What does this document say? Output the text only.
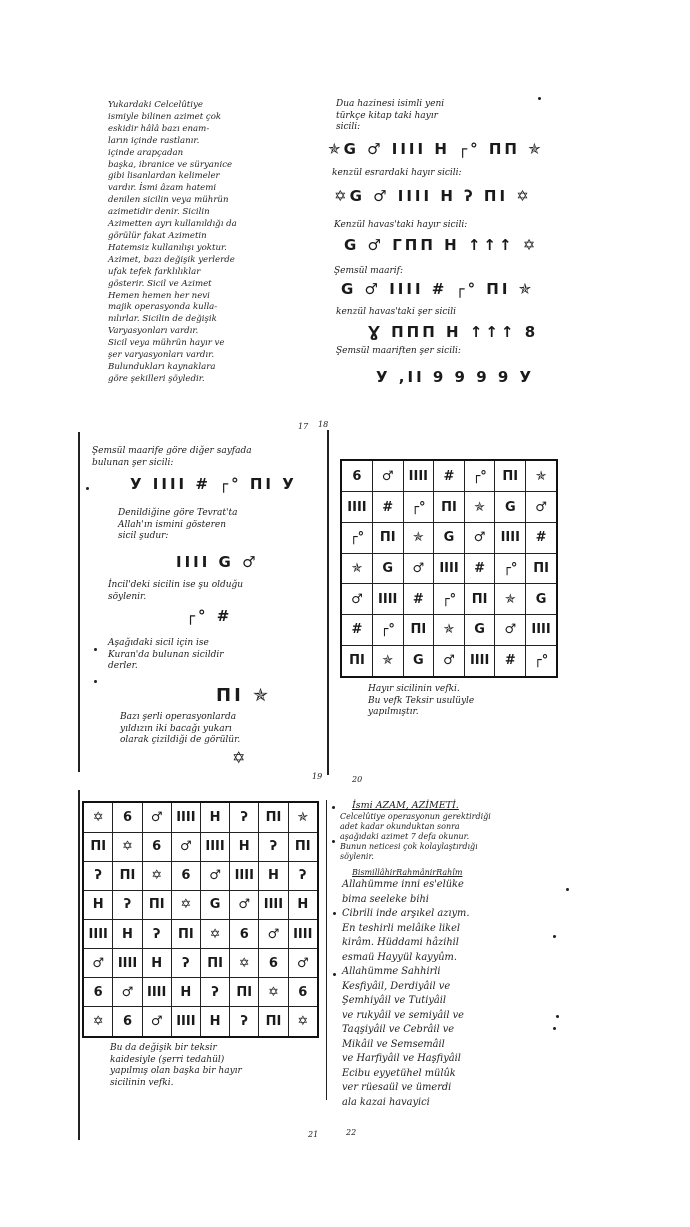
Yukardaki Celcelûtiye
ismiyle bilinen azimet çok
eskidir hâlâ bazı enam-
ların içinde rastlanır.
içinde arapçadan
başka, ibranice ve süryanice
gibi lisanlardan kelimeler
vardır. İsmi âzam hatemi
denilen sicilin veya mührün
azimetidir denir. Sicilin
Azimetten ayrı kullanıldığı da
görülür fakat Azimetin
Hatemsiz kullanılışı yoktur.
Azimet, bazı değişik yerlerde
ufak tefek farklılıklar
gösterir. Sicil ve Azimet
Hemen hemen her nevi
majik operasyonda kulla-
nılırlar. Sicilin de değişik
Varyasyonları vardır.
Sicil veya mührün hayır ve
şer varyasyonları vardır.
Bulundukları kaynaklara
göre şekilleri şöyledir.
Dua hazinesi isimli yeni
türkçe kitap taki hayır
sicili:
✯G ♂ IIII H ┌° ΠΠ ✯
kenzül esrardaki hayır sicili:
✡G ♂ IIII H ʔ ΠΙ ✡
Kenzül havas'taki hayır sicili:
G ♂ ΓΠΠ H ↑↑↑ ✡
Şemsül maarif:
G ♂ IIII # ┌° ΠΙ ✯
kenzül havas'taki şer sicili
Ɣ ΠΠΠ H ↑↑↑ 8
Şemsül maariften şer sicili:
У ,II 9 9 9 9 У
17 18
Şemsül maarife göre diğer sayfada
bulunan şer sicili:
У IIII # ┌° ΠΙ У
Denildiğine göre Tevrat'ta
Allah'ın ismini gösteren
sicil şudur:
IIII G ♂
İncil'deki sicilin ise şu olduğu
söylenir.
┌° #
Aşağıdaki sicil için ise
Kuran'da bulunan sicildir
derler.
ΠΙ ✯
Bazı şerli operasyonlarda
yıldızın iki bacağı yukarı
olarak çizildiği de görülür.
✡
19	20
6	♂	IIII	#	┌°	ΠΙ	✯
IIII	#	┌°	ΠΙ	✯	G	♂
┌°	ΠΙ	✯	G	♂	IIII	#
✯	G	♂	IIII	#	┌°	ΠΙ
♂	IIII	#	┌°	ΠΙ	✯	G
#	┌°	ΠΙ	✯	G	♂	IIII
ΠΙ	✯	G	♂	IIII	#	┌°
Hayır sicilinin vefki.
Bu vefk Teksir usulüyle
yapılmıştır.
✡	6	♂	IIII	H	ʔ	ΠΙ	✯
ΠΙ	✡	6	♂	IIII	H	ʔ	ΠΙ
ʔ	ΠΙ	✡	6	♂	IIII	H	ʔ
H	ʔ	ΠΙ	✡	G	♂	IIII	H
IIII	H	ʔ	ΠΙ	✡	6	♂	IIII
♂	IIII	H	ʔ	ΠΙ	✡	6	♂
6	♂	IIII	H	ʔ	ΠΙ	✡	6
✡	6	♂	IIII	H	ʔ	ΠΙ	✡
Bu da değişik bir teksir
kaidesiyle (şerri tedahül)
yapılmış olan başka bir hayır
sicilinin vefki.
21
İsmi AZAM, AZİMETİ.
Celcelûtiye operasyonun gerektirdiği
adet kadar okunduktan sonra
aşağıdaki azimet 7 defa okunur.
Bunun neticesi çok kolaylaştırdığı
söylenir.
BismillâhirRahmânirRahîm
Allahümme inni es'elüke
bima seeleke bihi
Cibrili inde arşıkel azıym.
En teshirli melâike likel
kirâm. Hüddami hâzihil
esmaü Hayyül kayyûm.
Allahümme Sahhirli
Kesfiyâil, Derdiyâil ve
Şemhiyâil ve Tutiyâil
ve rukyâil ve semiyâil ve
Taqşiyâil ve Cebrâil ve
Mikâil ve Semsemâil
ve Harfiyâil ve Haşfiyâil
Ecibu eyyetühel mülûk
ver rüesaül ve ümerdi
ala kazai havayici
22
